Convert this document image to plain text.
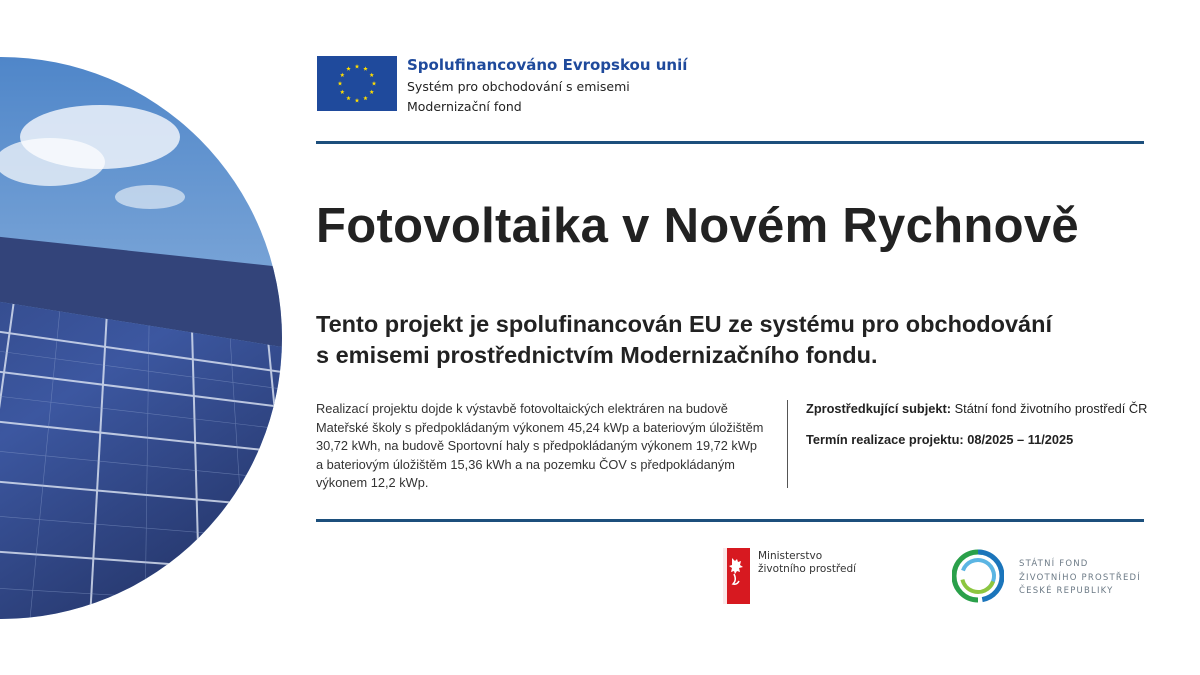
Spolufinancováno Evropskou unií
Systém pro obchodování s emisemi
Modernizační fond
Fotovoltaika v Novém Rychnově
Tento projekt je spolufinancován EU ze systému pro obchodování
s emisemi prostřednictvím Modernizačního fondu.
Realizací projektu dojde k výstavbě fotovoltaických elektráren na budově
Mateřské školy s předpokládaným výkonem 45,24 kWp a bateriovým úložištěm
30,72 kWh, na budově Sportovní haly s předpokládaným výkonem 19,72 kWp
a bateriovým úložištěm 15,36 kWh a na pozemku ČOV s předpokládaným
výkonem 12,2 kWp.
Zprostředkující subjekt: Státní fond životního prostředí ČR
Termín realizace projektu: 08/2025 – 11/2025
Ministerstvo
životního prostředí	STÁTNÍ FOND
ŽIVOTNÍHO PROSTŘEDÍ
ČESKÉ REPUBLIKY
